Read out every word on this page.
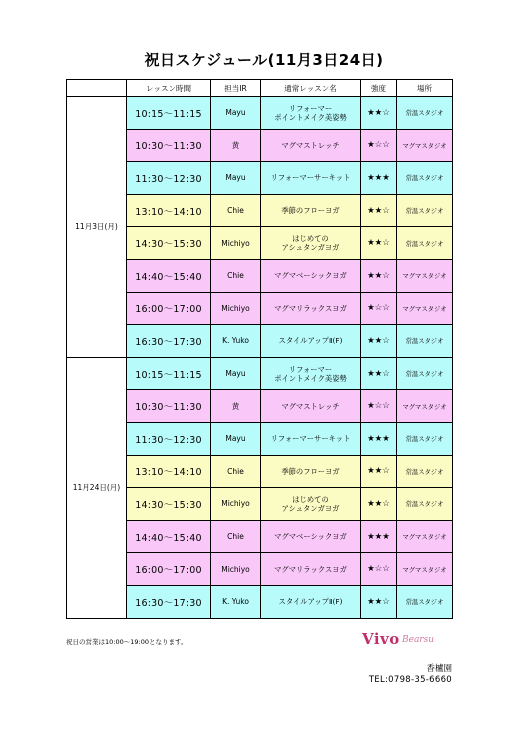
祝日スケジュール(11月3日24日)
	レッスン時間	担当IR	通常レッスン名	強度	場所
11月3日(月)	10:15～11:15	Mayu	リフォーマー
ポイントメイク美姿勢	★★☆	常温スタジオ
	10:30～11:30	黄	マグマストレッチ	★☆☆	マグマスタジオ
	11:30～12:30	Mayu	リフォーマーサーキット	★★★	常温スタジオ
	13:10～14:10	Chie	季節のフローヨガ	★★☆	常温スタジオ
	14:30～15:30	Michiyo	はじめての
アシュタンガヨガ	★★☆	常温スタジオ
	14:40～15:40	Chie	マグマベーシックヨガ	★★☆	マグマスタジオ
	16:00～17:00	Michiyo	マグマリラックスヨガ	★☆☆	マグマスタジオ
	16:30～17:30	K. Yuko	スタイルアップⅡ(F)	★★☆	常温スタジオ
11月24日(月)	10:15～11:15	Mayu	リフォーマー
ポイントメイク美姿勢	★★☆	常温スタジオ
	10:30～11:30	黄	マグマストレッチ	★☆☆	マグマスタジオ
	11:30～12:30	Mayu	リフォーマーサーキット	★★★	常温スタジオ
	13:10～14:10	Chie	季節のフローヨガ	★★☆	常温スタジオ
	14:30～15:30	Michiyo	はじめての
アシュタンガヨガ	★★☆	常温スタジオ
	14:40～15:40	Chie	マグマベーシックヨガ	★★★	マグマスタジオ
	16:00～17:00	Michiyo	マグマリラックスヨガ	★☆☆	マグマスタジオ
	16:30～17:30	K. Yuko	スタイルアップⅡ(F)	★★☆	常温スタジオ
祝日の営業は10:00～19:00となります。	Vivo Bearsu
香櫨園
TEL:0798-35-6660
